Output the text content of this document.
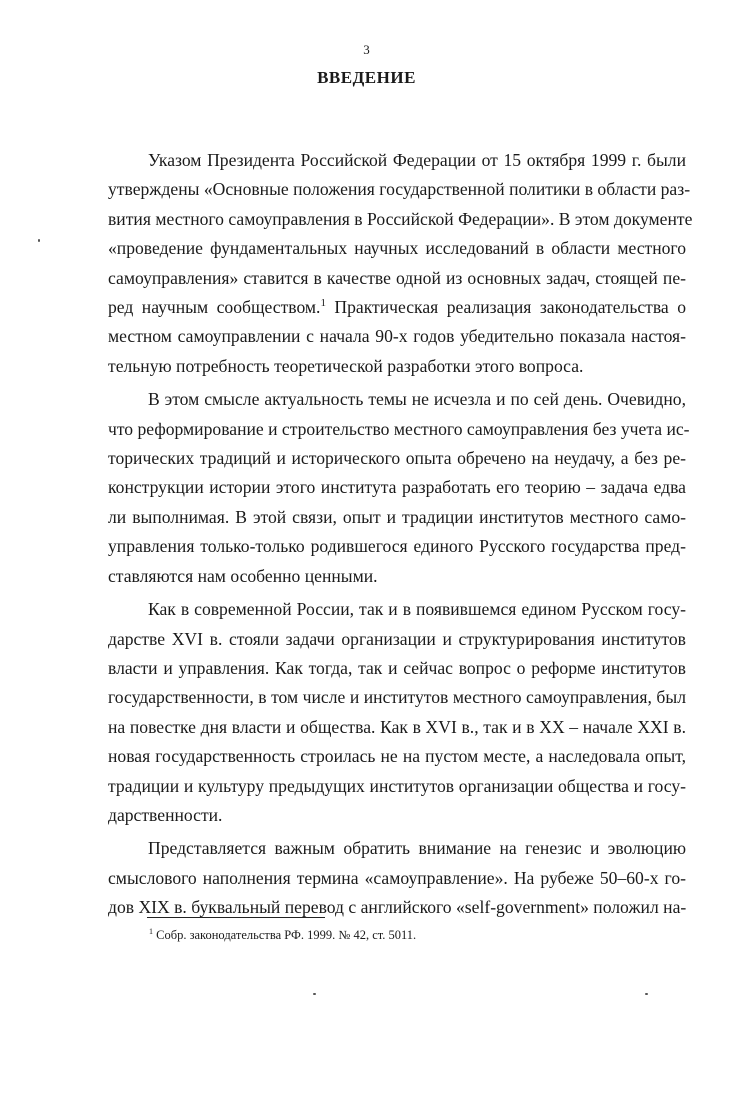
3
ВВЕДЕНИЕ
Указом Президента Российской Федерации от 15 октября 1999 г. были
утверждены «Основные положения государственной политики в области раз-
вития местного самоуправления в Российской Федерации». В этом документе
«проведение фундаментальных научных исследований в области местного
самоуправления» ставится в качестве одной из основных задач, стоящей пе-
ред научным сообществом.$^1$ Практическая реализация законодательства о
местном самоуправлении с начала 90-х годов убедительно показала настоя-
тельную потребность теоретической разработки этого вопроса.
В этом смысле актуальность темы не исчезла и по сей день. Очевидно,
что реформирование и строительство местного самоуправления без учета ис-
торических традиций и исторического опыта обречено на неудачу, а без ре-
конструкции истории этого института разработать его теорию – задача едва
ли выполнимая. В этой связи, опыт и традиции институтов местного само-
управления только-только родившегося единого Русского государства пред-
ставляются нам особенно ценными.
Как в современной России, так и в появившемся едином Русском госу-
дарстве XVI в. стояли задачи организации и структурирования институтов
власти и управления. Как тогда, так и сейчас вопрос о реформе институтов
государственности, в том числе и институтов местного самоуправления, был
на повестке дня власти и общества. Как в XVI в., так и в XX – начале XXI в.
новая государственность строилась не на пустом месте, а наследовала опыт,
традиции и культуру предыдущих институтов организации общества и госу-
дарственности.
Представляется важным обратить внимание на генезис и эволюцию
смыслового наполнения термина «самоуправление». На рубеже 50–60-х го-
дов XIX в. буквальный перевод с английского «self-government» положил на-
$^1$ Собр. законодательства РФ. 1999. № 42, ст. 5011.
